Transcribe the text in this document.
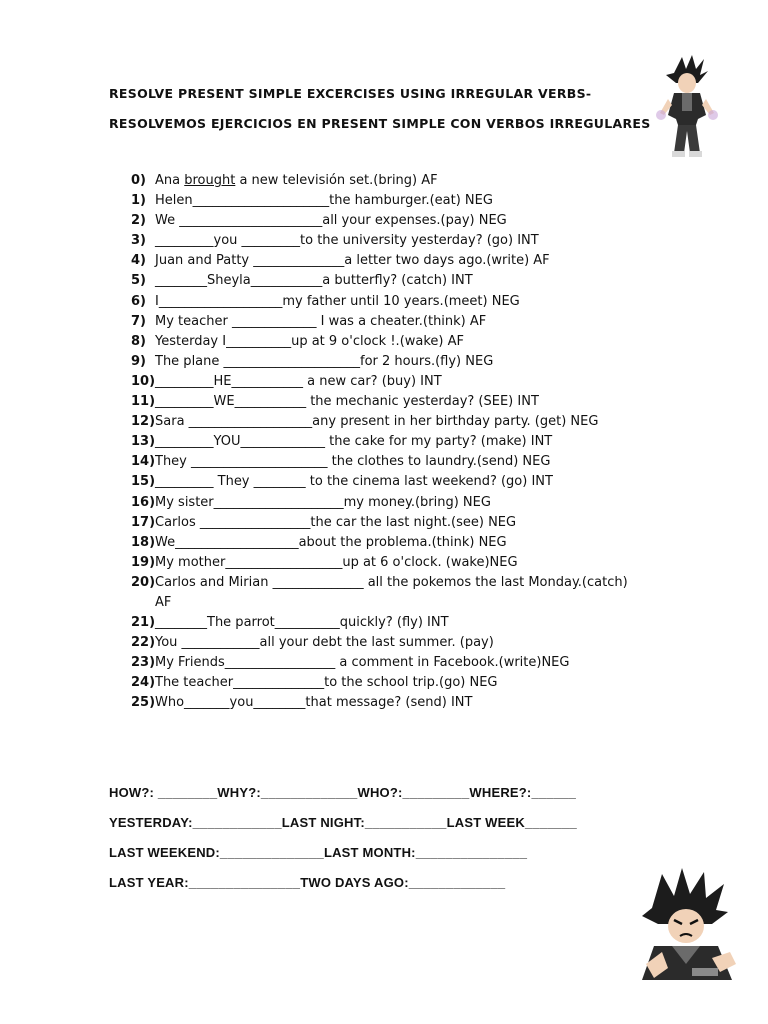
RESOLVE PRESENT SIMPLE EXCERCISES USING IRREGULAR VERBS-
RESOLVEMOS EJERCICIOS EN PRESENT SIMPLE CON VERBOS IRREGULARES
0) Ana brought a new televisión set.(bring) AF
1) Helen_____________________the hamburger.(eat) NEG
2) We ______________________all your expenses.(pay) NEG
3) _________you _________to the university yesterday? (go) INT
4) Juan and Patty ______________a letter two days ago.(write) AF
5) ________Sheyla___________a butterfly? (catch) INT
6) I___________________my father until 10 years.(meet) NEG
7) My teacher _____________ I was a cheater.(think) AF
8) Yesterday I__________up at 9 o'clock !.(wake) AF
9) The plane _____________________for 2 hours.(fly) NEG
10) _________HE___________ a new car? (buy) INT
11) _________WE___________ the mechanic yesterday? (SEE) INT
12) Sara ___________________any present in her birthday party. (get) NEG
13) _________YOU_____________ the cake for my party? (make) INT
14) They _____________________ the clothes to laundry.(send) NEG
15) _________ They ________ to the cinema last weekend? (go) INT
16) My sister____________________my money.(bring) NEG
17) Carlos _________________the car the last night.(see) NEG
18) We___________________about the problema.(think) NEG
19) My mother__________________up at 6 o'clock. (wake)NEG
20) Carlos and Mirian ______________ all the pokemos the last Monday.(catch)
AF
21) ________The parrot__________quickly? (fly) INT
22) You ____________all your debt the last summer. (pay)
23) My Friends_________________ a comment in Facebook.(write)NEG
24) The teacher______________to the school trip.(go) NEG
25) Who_______you________that message? (send) INT
HOW?: ________WHY?:_____________WHO?:_________WHERE?:______
YESTERDAY:____________LAST NIGHT:___________LAST WEEK_______
LAST WEEKEND:______________LAST MONTH:_______________
LAST YEAR:_______________TWO DAYS AGO:_____________
